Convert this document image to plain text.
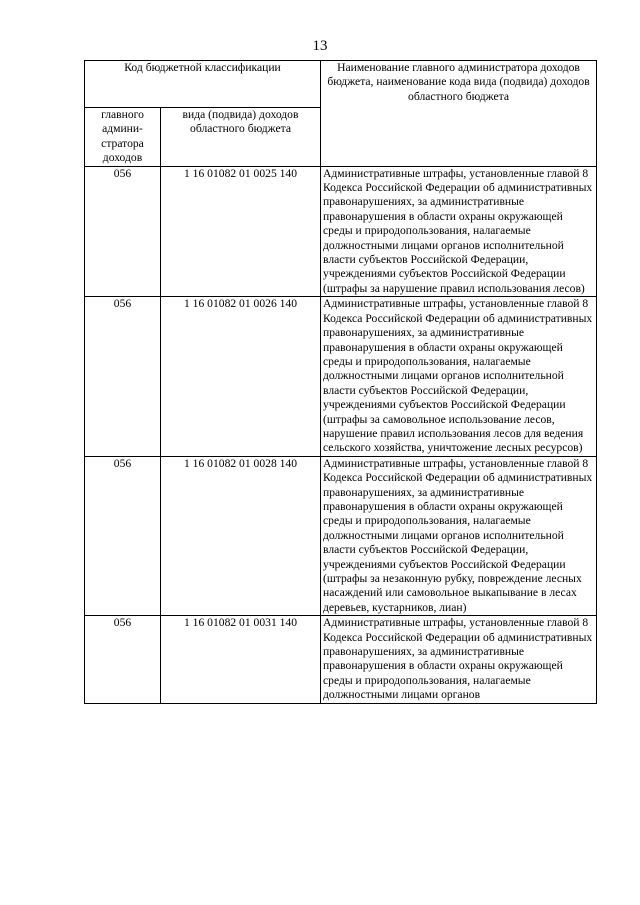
13
Код бюджетной классификации		Наименование главного администратора доходов бюджета, наименование кода вида (подвида) доходов областного бюджета
главного админи-стратора доходов	вида (подвида) доходов областного бюджета	
056	1 16 01082 01 0025 140	Административные штрафы, установленные главой 8 Кодекса Российской Федерации об административных правонарушениях, за административные правонарушения в области охраны окружающей среды и природопользования, налагаемые должностными лицами органов исполнительной власти субъектов Российской Федерации, учреждениями субъектов Российской Федерации (штрафы за нарушение правил использования лесов)
056	1 16 01082 01 0026 140	Административные штрафы, установленные главой 8 Кодекса Российской Федерации об административных правонарушениях, за административные правонарушения в области охраны окружающей среды и природопользования, налагаемые должностными лицами органов исполнительной власти субъектов Российской Федерации, учреждениями субъектов Российской Федерации (штрафы за самовольное использование лесов, нарушение правил использования лесов для ведения сельского хозяйства, уничтожение лесных ресурсов)
056	1 16 01082 01 0028 140	Административные штрафы, установленные главой 8 Кодекса Российской Федерации об административных правонарушениях, за административные правонарушения в области охраны окружающей среды и природопользования, налагаемые должностными лицами органов исполнительной власти субъектов Российской Федерации, учреждениями субъектов Российской Федерации (штрафы за незаконную рубку, повреждение лесных насаждений или самовольное выкапывание в лесах деревьев, кустарников, лиан)
056	1 16 01082 01 0031 140	Административные штрафы, установленные главой 8 Кодекса Российской Федерации об административных правонарушениях, за административные правонарушения в области охраны окружающей среды и природопользования, налагаемые должностными лицами органов
